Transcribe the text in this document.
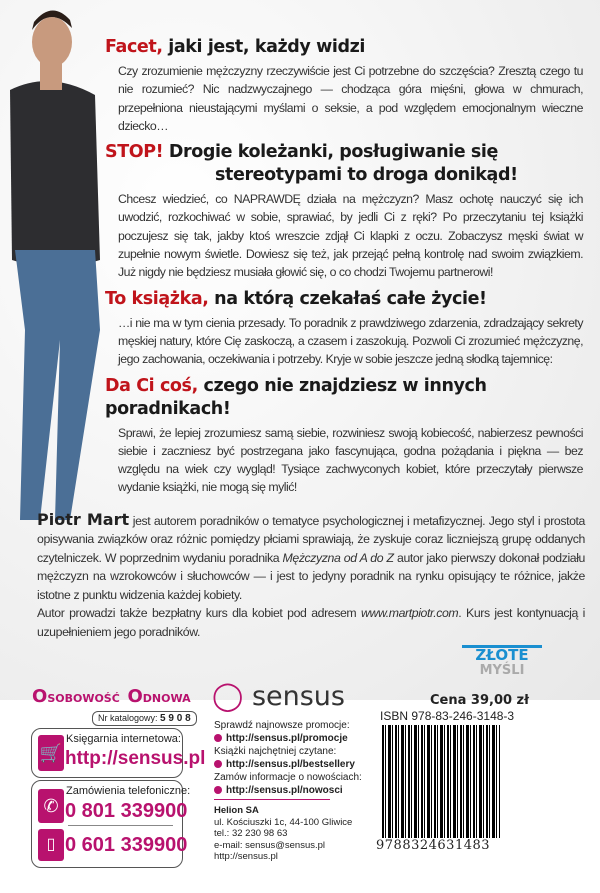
Facet, jaki jest, każdy widzi
Czy zrozumienie mężczyzny rzeczywiście jest Ci potrzebne do szczęścia? Zresztą czego tu nie rozumieć? Nic nadzwyczajnego — chodząca góra mięśni, głowa w chmurach, przepełniona nieustającymi myślami o seksie, a pod względem emocjonalnym wieczne dziecko…
STOP! Drogie koleżanki, posługiwanie się
stereotypami to droga donikąd!
Chcesz wiedzieć, co NAPRAWDĘ działa na mężczyzn? Masz ochotę nauczyć się ich uwodzić, rozkochiwać w sobie, sprawiać, by jedli Ci z ręki? Po przeczytaniu tej książki poczujesz się tak, jakby ktoś wreszcie zdjął Ci klapki z oczu. Zobaczysz męski świat w zupełnie nowym świetle. Dowiesz się też, jak przejąć pełną kontrolę nad swoim związkiem. Już nigdy nie będziesz musiała głowić się, o co chodzi Twojemu partnerowi!
To książka, na którą czekałaś całe życie!
…i nie ma w tym cienia przesady. To poradnik z prawdziwego zdarzenia, zdradzający sekrety męskiej natury, które Cię zaskoczą, a czasem i zaszokują. Pozwoli Ci zrozumieć mężczyznę, jego zachowania, oczekiwania i potrzeby. Kryje w sobie jeszcze jedną słodką tajemnicę:
Da Ci coś, czego nie znajdziesz w innych poradnikach!
Sprawi, że lepiej zrozumiesz samą siebie, rozwiniesz swoją kobiecość, nabierzesz pewności siebie i zaczniesz być postrzegana jako fascynująca, godna pożądania i piękna — bez względu na wiek czy wygląd! Tysiące zachwyconych kobiet, które przeczytały pierwsze wydanie książki, nie mogą się mylić!
Piotr Mart jest autorem poradników o tematyce psychologicznej i metafizycznej. Jego styl i prostota opisywania związków oraz różnic pomiędzy płciami sprawiają, że zyskuje coraz liczniejszą grupę oddanych czytelniczek. W poprzednim wydaniu poradnika Mężczyzna od A do Z autor jako pierwszy dokonał podziału mężczyzn na wzrokowców i słuchowców — i jest to jedyny poradnik na rynku opisujący te różnice, jakże istotne z punktu widzenia każdej kobiety.
Autor prowadzi także bezpłatny kurs dla kobiet pod adresem www.martpiotr.com. Kurs jest kontynuacją i uzupełnieniem jego poradników.
ZŁOTE
MYŚLI
OSOBOWOŚĆ ODNOWA
Nr katalogowy: 5 9 0 8
🛒
Księgarnia internetowa:
http://sensus.pl
✆
▯
Zamówienia telefoniczne:
0 801 339900
0 601 339900
◯ sensus
Sprawdź najnowsze promocje:
http://sensus.pl/promocje
Książki najchętniej czytane:
http://sensus.pl/bestsellery
Zamów informacje o nowościach:
http://sensus.pl/nowosci
Helion SA
ul. Kościuszki 1c, 44-100 Gliwice
tel.: 32 230 98 63
e-mail: sensus@sensus.pl
http://sensus.pl
Cena 39,00 zł
ISBN 978-83-246-3148-3
9788324631483
